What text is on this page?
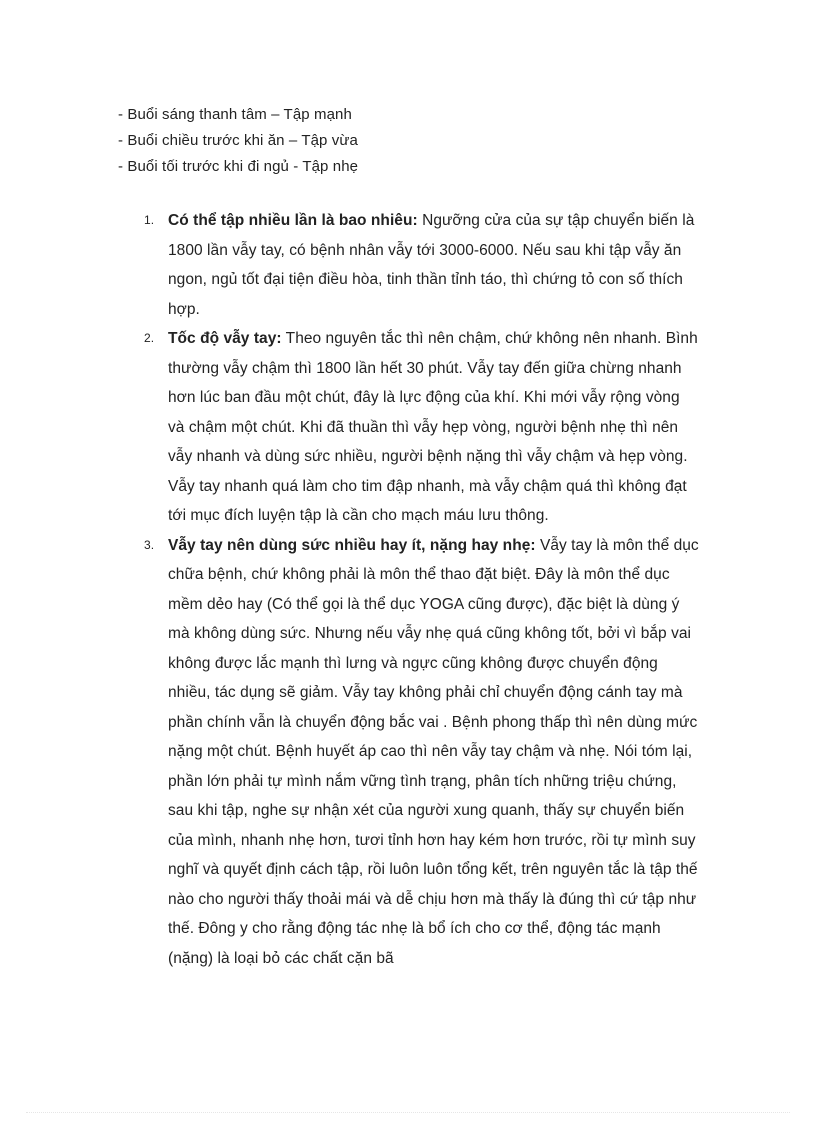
- Buổi sáng thanh tâm – Tập mạnh
- Buổi chiều trước khi ăn – Tập vừa
- Buổi tối trước khi đi ngủ - Tập nhẹ
1. Có thể tập nhiều lần là bao nhiêu: Ngưỡng cửa của sự tập chuyển biến là 1800 lần vẫy tay, có bệnh nhân vẫy tới 3000-6000. Nếu sau khi tập vẫy ăn ngon, ngủ tốt đại tiện điều hòa, tinh thần tỉnh táo, thì chứng tỏ con số thích hợp.
2. Tốc độ vẫy tay: Theo nguyên tắc thì nên chậm, chứ không nên nhanh. Bình thường vẫy chậm thì 1800 lần hết 30 phút. Vẫy tay đến giữa chừng nhanh hơn lúc ban đầu một chút, đây là lực động của khí. Khi mới vẫy rộng vòng và chậm một chút. Khi đã thuần thì vẫy hẹp vòng, người bệnh nhẹ thì nên vẫy nhanh và dùng sức nhiều, người bệnh nặng thì vẫy chậm và hẹp vòng. Vẫy tay nhanh quá làm cho tim đập nhanh, mà vẫy chậm quá thì không đạt tới mục đích luyện tập là cần cho mạch máu lưu thông.
3. Vẫy tay nên dùng sức nhiều hay ít, nặng hay nhẹ: Vẫy tay là môn thể dục chữa bệnh, chứ không phải là môn thể thao đặt biệt. Đây là môn thể dục mềm dẻo hay (Có thể gọi là thể dục YOGA cũng được), đặc biệt là dùng ý mà không dùng sức. Nhưng nếu vẫy nhẹ quá cũng không tốt, bởi vì bắp vai không được lắc mạnh thì lưng và ngực cũng không được chuyển động nhiều, tác dụng sẽ giảm. Vẫy tay không phải chỉ chuyển động cánh tay mà phần chính vẫn là chuyển động bắc vai . Bệnh phong thấp thì nên dùng mức nặng một chút. Bệnh huyết áp cao thì nên vẫy tay chậm và nhẹ. Nói tóm lại, phần lớn phải tự mình nắm vững tình trạng, phân tích những triệu chứng, sau khi tập, nghe sự nhận xét của người xung quanh, thấy sự chuyển biến của mình, nhanh nhẹ hơn, tươi tỉnh hơn hay kém hơn trước, rồi tự mình suy nghĩ và quyết định cách tập, rồi luôn luôn tổng kết, trên nguyên tắc là tập thế nào cho người thấy thoải mái và dễ chịu hơn mà thấy là đúng thì cứ tập như thế. Đông y cho rằng động tác nhẹ là bổ ích cho cơ thể, động tác mạnh (nặng) là loại bỏ các chất cặn bã
